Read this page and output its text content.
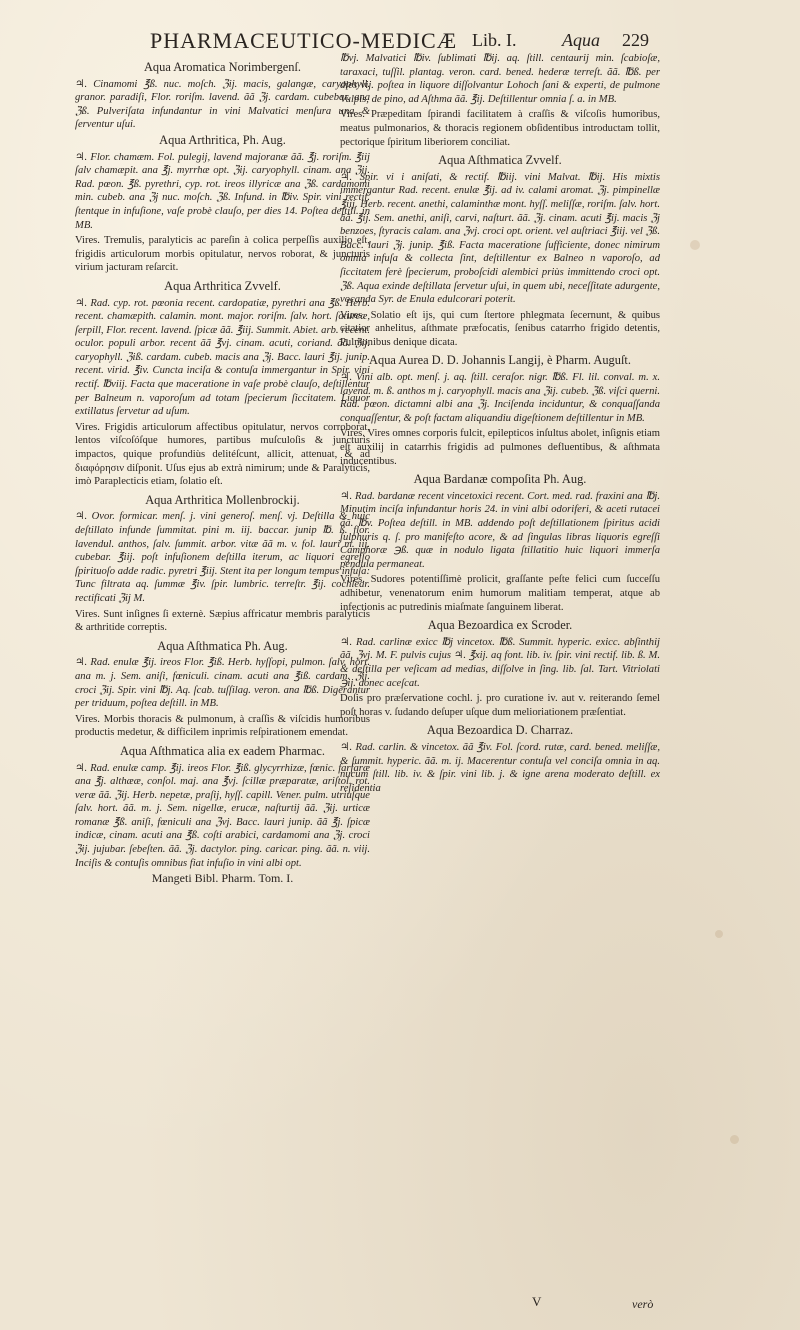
PHARMACEUTICO-MEDICÆ Lib. I.	Aqua 229
Aqua Aromatica Norimbergenſ.
♃. Cinamomi ℥ß. nuc. moſch. ℨij. macis, galangæ, caryophyll. granor. paradiſi, Flor. roriſm. lavend. ãã ℨj. cardam. cubebar. ana ℨß. Pulveriſata infundantur in vini Malvatici menſura una & ſerventur uſui.
Aqua Arthritica, Ph. Aug.
♃. Flor. chamæm. Fol. pulegij, lavend majoranæ ãã. ℥j. roriſm. ℥iij ſalv chamæpit. ana ℥j. myrrhæ opt. ℨij. caryophyll. cinam. ana ℨij. Rad. pœon. ℥ß. pyrethri, cyp. rot. ireos illyricæ ana ℨß. cardamomi min. cubeb. ana ℨj nuc. moſch. ℨß. Infund. in ℔iv. Spir. vini rectif. ſtentque in infuſione, vaſe probè clauſo, per dies 14. Poſtea deſtill. in MB.
Vires. Tremulis, paralyticis ac pareſin à colica perpeſſis auxilio eſt, frigidis articulorum morbis opitulatur, nervos roborat, & juncturis virium jacturam reſarcit.
Aqua Arthritica Zvvelf.
♃. Rad. cyp. rot. pœonia recent. cardopatiæ, pyrethri ana ℥ß. Herb. recent. chamæpith. calamin. mont. major. roriſm. ſalv. hort. ſatureæ, ſerpill, Flor. recent. lavend. ſpicæ ãã. ℥iij. Summit. Abiet. arb. recent. oculor. populi arbor. recent ãã ℥vj. cinam. acuti, coriand. ãã. ℨij. caryophyll. ℨiß. cardam. cubeb. macis ana ℨj. Bacc. lauri ℥ij. junip. recent. virid. ℥iv. Cuncta inciſa & contuſa immergantur in Spir. vini rectif. ℔viij. Facta que maceratione in vaſe probè clauſo, deſtillentur per Balneum n. vaporoſum ad totam ſpecierum ſiccitatem. Liquor extillatus ſervetur ad uſum.
Vires. Frigidis articulorum affectibus opitulatur, nervos corroborat, lentos viſcoſóſque humores, partibus muſculoſis & juncturis impactos, quique profundiùs delitéſcunt, allicit, attenuat, & ad διαφόρησιν diſponit. Uſus ejus ab extrà nimirum; unde & Paralyticis, imò Paraplecticis etiam, ſolatio eſt.
Aqua Arthritica Mollenbrockij.
♃. Ovor. formicar. menſ. j. vini generoſ. menſ. vj. Deſtilla & huic deſtillato infunde ſummitat. pini m. iij. baccar. junip ℔. ß. flor. lavendul. anthos, ſalv. ſummit. arbor. vitæ ãã m. v. fol. lauri m. iij. cubebar. ℥iij. poſt infuſionem deſtilla iterum, ac liquori egreſſo ſpirituoſo adde radic. pyretri ℥iij. Stent ita per longum tempus infuſa: Tunc filtrata aq. ſummæ ℥iv. ſpir. lumbric. terreſtr. ℥ij. cochlear. rectificati ℨij M.
Vires. Sunt inſignes ſi externè. Sæpius affricatur membris paralyticis & arthritide correptis.
Aqua Aſthmatica Ph. Aug.
♃. Rad. enulæ ℥ij. ireos Flor. ℥iß. Herb. hyſſopi, pulmon. ſalv. hort. ana m. j. Sem. aniſi, fœniculi. cinam. acuti ana ℥iß. cardam. ℨij. croci ℨij. Spir. vini ℔j. Aq. ſcab. tuſſilag. veron. ana ℔ß. Digerantur per triduum, poſtea deſtill. in MB.
Vires. Morbis thoracis & pulmonum, à craſſis & viſcidis humoribus productis medetur, & difficilem inprimis reſpirationem emendat.
Aqua Aſthmatica alia ex eadem Pharmac.
♃. Rad. enulæ camp. ℥ij. ireos Flor. ℥iß. glycyrrhizæ, fœnic. farfaræ ana ℥j. althææ, conſol. maj. ana ℥vj. ſcillæ præparatæ, ariſtol. rot. veræ ãã. ℨij. Herb. nepetæ, praſij, hyſſ. capill. Vener. pulm. utriuſque ſalv. hort. ãã. m. j. Sem. nigellæ, erucæ, naſturtij ãã. ℨij. urticæ romanæ ℥ß. aniſi, fœniculi ana ℨvj. Bacc. lauri junip. ãã ℥j. ſpicæ indicæ, cinam. acuti ana ℥ß. coſti arabici, cardamomi ana ℨj. croci ℨij. jujubar. ſebeſten. ãã. ℨj. dactylor. ping. caricar. ping. ãã. n. viij. Inciſis & contuſis omnibus fiat infuſio in vini albi opt.
Mangeti Bibl. Pharm. Tom. I.
℔vj. Malvatici ℔iv. ſublimati ℔ij. aq. ſtill. centaurij min. ſcabioſæ, taraxaci, tuſſil. plantag. veron. card. bened. hederæ terreſt. ãã. ℔ß. per dies vij. poſtea in liquore diſſolvantur Lohoch ſani & experti, de pulmone Vulpis, de pino, ad Aſthma ãã. ℥ij. Deſtillentur omnia ſ. a. in MB.
Vires. Præpeditam ſpirandi facilitatem à craſſis & viſcoſis humoribus, meatus pulmonarios, & thoracis regionem obſidentibus introductam tollit, pectorique ſpiritum liberiorem conciliat.
Aqua Aſthmatica Zvvelf.
♃. Spir. vi i aniſati, & rectif. ℔iij. vini Malvat. ℔ij. His mixtis immergantur Rad. recent. enulæ ℥ij. ad iv. calami aromat. ℨj. pimpinellæ ℥iij. Herb. recent. anethi, calaminthæ mont. hyſſ. meliſſæ, roriſm. ſalv. hort. ãã. ℥ij. Sem. anethi, aniſi, carvi, naſturt. ãã. ℨj. cinam. acuti ℥ij. macis ℨj benzoes, ſtyracis calam. ana ℨvj. croci opt. orient. vel auſtriaci ℥iij. vel ℨß. Bacc. lauri ℨj. junip. ℥iß. Facta maceratione ſufficiente, donec nimirum omnia infuſa & collecta ſint, deſtillentur ex Balneo n vaporoſo, ad ſiccitatem ferè ſpecierum, proboſcidi alembici priùs immittendo croci opt. ℨß. Aqua exinde deſtillata ſervetur uſui, in quem ubi, neceſſitate adurgente, vocanda Syr. de Enula edulcorari poterit.
Vires. Solatio eſt ijs, qui cum ſtertore phlegmata ſecernunt, & quibus citatior anhelitus, aſthmate præfocatis, ſenibus catarrho frigido detentis, Pulmonibus denique dicata.
Aqua Aurea D. D. Johannis Langij, è Pharm. Auguſt.
♃. Vini alb. opt. menſ. j. aq. ſtill. ceraſor. nigr. ℔ß. Fl. lil. conval. m. x. lavend. m. ß. anthos m j. caryophyll. macis ana ℨij. cubeb. ℨß. viſci querni. Rad. pœon. dictamni albi ana ℨj. Inciſenda inciduntur, & conquaſſanda conquaſſentur, & poſt factam aliquandiu digeſtionem deſtillentur in MB.
Vires. Vires omnes corporis fulcit, epilepticos inſultus abolet, inſignis etiam eſt auxilij in catarrhis frigidis ad pulmones defluentibus, & aſthmata inducentibus.
Aqua Bardanæ compoſita Ph. Aug.
♃. Rad. bardanæ recent vincetoxici recent. Cort. med. rad. fraxini ana ℔j. Minutim inciſa infundantur horis 24. in vini albi odoriferi, & aceti rutacei ãã. ℔v. Poſtea deſtill. in MB. addendo poſt deſtillationem ſpiritus acidi ſulphuris q. ſ. pro manifeſto acore, & ad ſingulas libras liquoris egreſſi Camphoræ ℈ß. quæ in nodulo ligata ſtillatitio huic liquori immerſa pendula permaneat.
Vires. Sudores potentiſſimè prolicit, graſſante peſte felici cum ſucceſſu adhibetur, venenatorum enim humorum malitiam temperat, atque ab infectionis ac putredinis miaſmate ſanguinem liberat.
Aqua Bezoardica ex Scroder.
♃. Rad. carlinæ exicc ℔j vincetox. ℔ß. Summit. hyperic. exicc. abſinthij ãã. ℨvj. M. F. pulvis cujus ♃. ℥xij. aq font. lib. iv. ſpir. vini rectif. lib. ß. M. & deſtilla per veſicam ad medias, diſſolve in ſing. lib. ſal. Tart. Vitriolati ℈ij. donec aceſcat.
Doſis pro præſervatione cochl. j. pro curatione iv. aut v. reiterando ſemel poſt horas v. ſudando deſuper uſque dum melioriationem præſentiat.
Aqua Bezoardica D. Charraz.
♃. Rad. carlin. & vincetox. ãã ℥iv. Fol. ſcord. rutæ, card. bened. meliſſæ, & ſummit. hyperic. ãã. m. ij. Macerentur contuſa vel conciſa omnia in aq. nucum ſtill. lib. iv. & ſpir. vini lib. j. & igne arena moderato deſtill. ex reſidentia
V	verò
